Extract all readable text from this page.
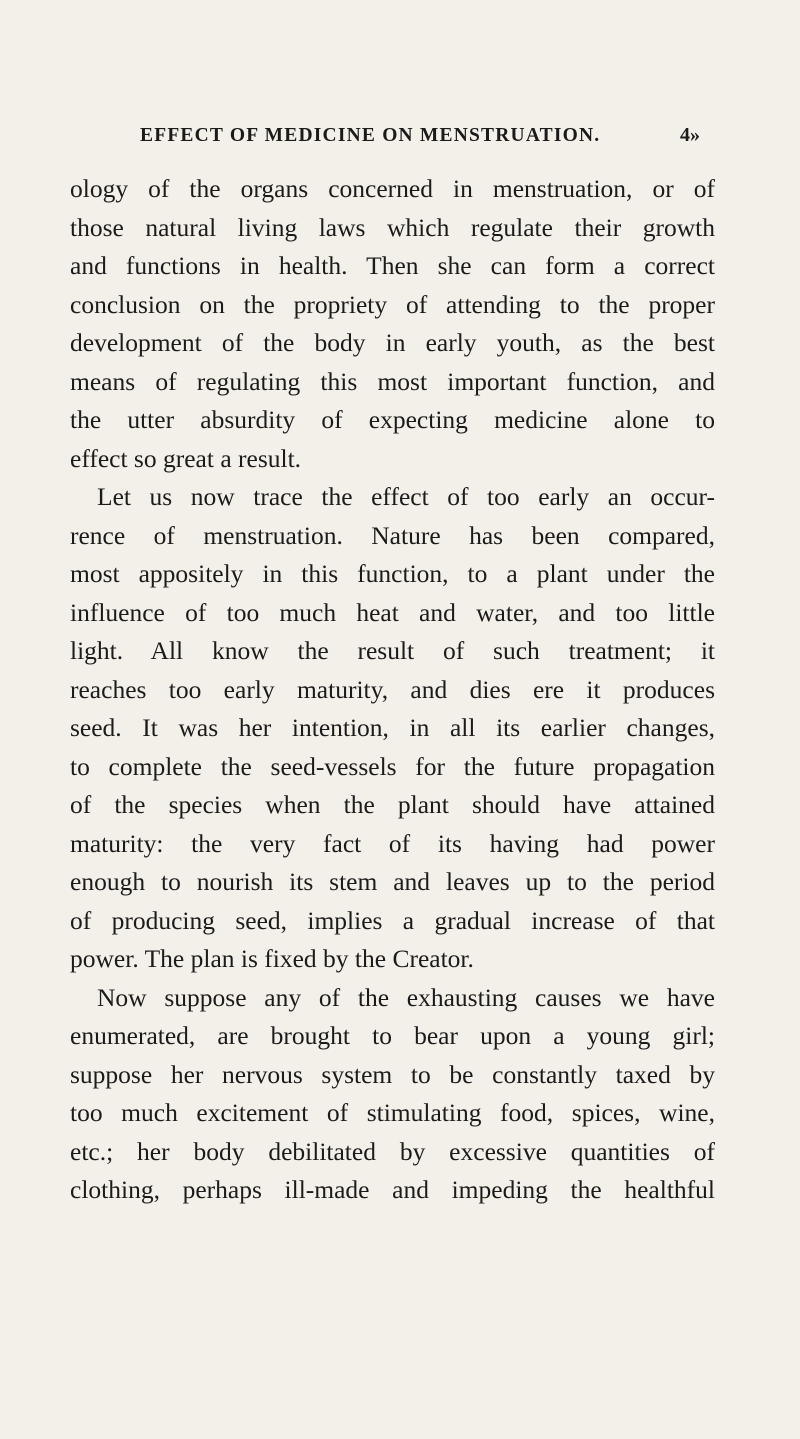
EFFECT OF MEDICINE ON MENSTRUATION.	4»
ology of the organs concerned in menstruation, or of
those natural living laws which regulate their growth
and functions in health. Then she can form a correct
conclusion on the propriety of attending to the proper
development of the body in early youth, as the best
means of regulating this most important function, and
the utter absurdity of expecting medicine alone to
effect so great a result.
Let us now trace the effect of too early an occur-
rence of menstruation. Nature has been compared,
most appositely in this function, to a plant under the
influence of too much heat and water, and too little
light. All know the result of such treatment; it
reaches too early maturity, and dies ere it produces
seed. It was her intention, in all its earlier changes,
to complete the seed-vessels for the future propagation
of the species when the plant should have attained
maturity: the very fact of its having had power
enough to nourish its stem and leaves up to the period
of producing seed, implies a gradual increase of that
power. The plan is fixed by the Creator.
Now suppose any of the exhausting causes we have
enumerated, are brought to bear upon a young girl;
suppose her nervous system to be constantly taxed by
too much excitement of stimulating food, spices, wine,
etc.; her body debilitated by excessive quantities of
clothing, perhaps ill-made and impeding the healthful
